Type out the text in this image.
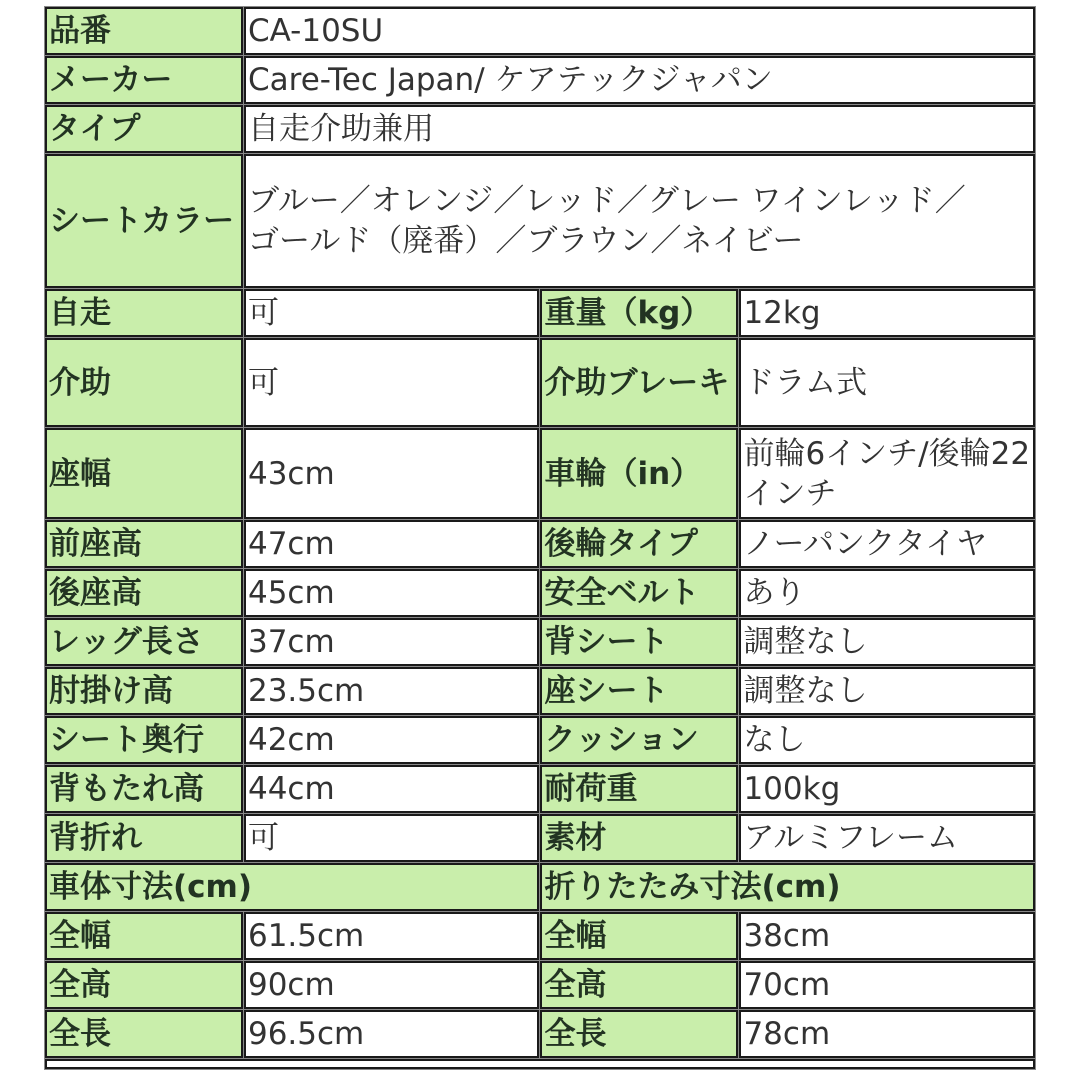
品番	CA-10SU		
メーカー	Care-Tec Japan/ ケアテックジャパン		
タイプ	自走介助兼用		
シートカラー	ブルー／オレンジ／レッド／グレー ワインレッド／ゴールド（廃番）／ブラウン／ネイビー		
自走	可	重量（kg）	12kg
介助	可	介助ブレーキ	ドラム式
座幅	43cm	車輪（in）	前輪6インチ/後輪22インチ
前座高	47cm	後輪タイプ	ノーパンクタイヤ
後座高	45cm	安全ベルト	あり
レッグ長さ	37cm	背シート	調整なし
肘掛け高	23.5cm	座シート	調整なし
シート奥行	42cm	クッション	なし
背もたれ高	44cm	耐荷重	100kg
背折れ	可	素材	アルミフレーム
車体寸法(cm)		折りたたみ寸法(cm)	
全幅	61.5cm	全幅	38cm
全高	90cm	全高	70cm
全長	96.5cm	全長	78cm
